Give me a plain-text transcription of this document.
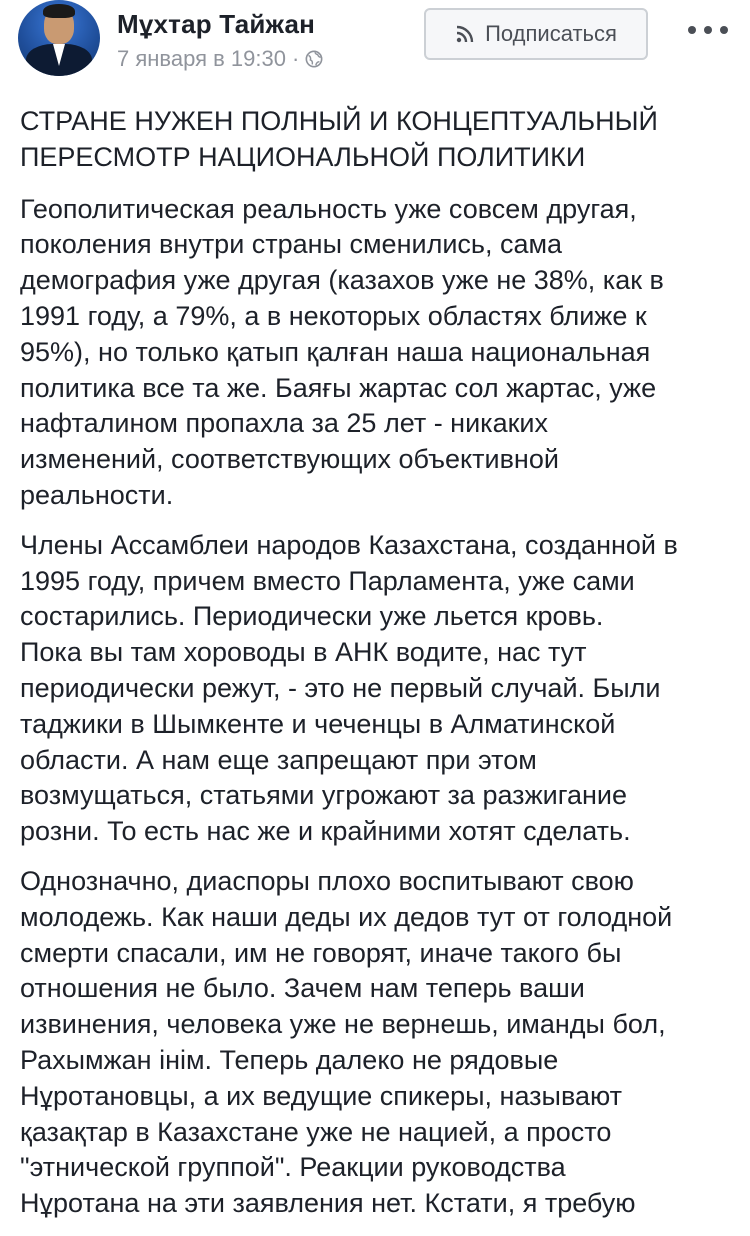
Мұхтар Тайжан
7 января в 19:30 ·
Подписаться

СТРАНЕ НУЖЕН ПОЛНЫЙ И КОНЦЕПТУАЛЬНЫЙ
ПЕРЕСМОТР НАЦИОНАЛЬНОЙ ПОЛИТИКИ

Геополитическая реальность уже совсем другая,
поколения внутри страны сменились, сама
демография уже другая (казахов уже не 38%, как в
1991 году, а 79%, а в некоторых областях ближе к
95%), но только қатып қалған наша национальная
политика все та же. Баяғы жартас сол жартас, уже
нафталином пропахла за 25 лет - никаких
изменений, соответствующих объективной
реальности.

Члены Ассамблеи народов Казахстана, созданной в
1995 году, причем вместо Парламента, уже сами
состарились. Периодически уже льется кровь.
Пока вы там хороводы в АНК водите, нас тут
периодически режут, - это не первый случай. Были
таджики в Шымкенте и чеченцы в Алматинской
области. А нам еще запрещают при этом
возмущаться, статьями угрожают за разжигание
розни. То есть нас же и крайними хотят сделать.

Однозначно, диаспоры плохо воспитывают свою
молодежь. Как наши деды их дедов тут от голодной
смерти спасали, им не говорят, иначе такого бы
отношения не было. Зачем нам теперь ваши
извинения, человека уже не вернешь, иманды бол,
Рахымжан інім. Теперь далеко не рядовые
Нұротановцы, а их ведущие спикеры, называют
қазақтар в Казахстане уже не нацией, а просто
"этнической группой". Реакции руководства
Нұротана на эти заявления нет. Кстати, я требую
